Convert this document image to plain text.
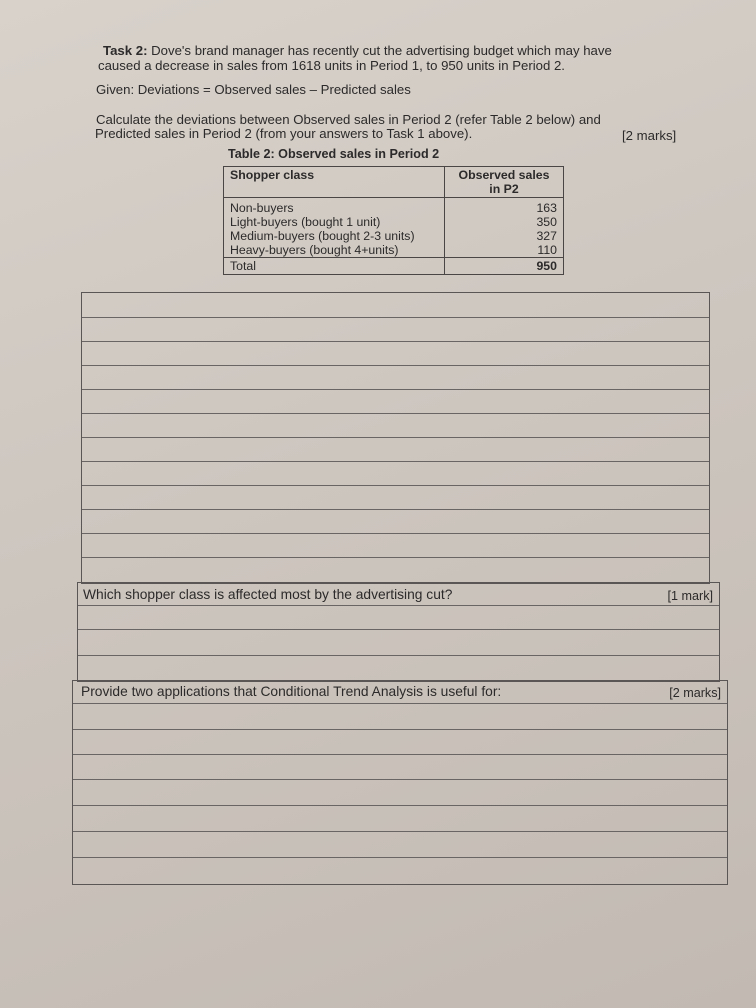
Task 2: Dove's brand manager has recently cut the advertising budget which may have
caused a decrease in sales from 1618 units in Period 1, to 950 units in Period 2.
Given: Deviations = Observed sales – Predicted sales
Calculate the deviations between Observed sales in Period 2 (refer Table 2 below) and
Predicted sales in Period 2 (from your answers to Task 1 above).	[2 marks]
Table 2: Observed sales in Period 2
Shopper class	Observed sales
in P2
Non-buyers	163
Light-buyers (bought 1 unit)	350
Medium-buyers (bought 2-3 units)	327
Heavy-buyers (bought 4+units)	110
Total	950
Which shopper class is affected most by the advertising cut?	[1 mark]
Provide two applications that Conditional Trend Analysis is useful for:	[2 marks]
